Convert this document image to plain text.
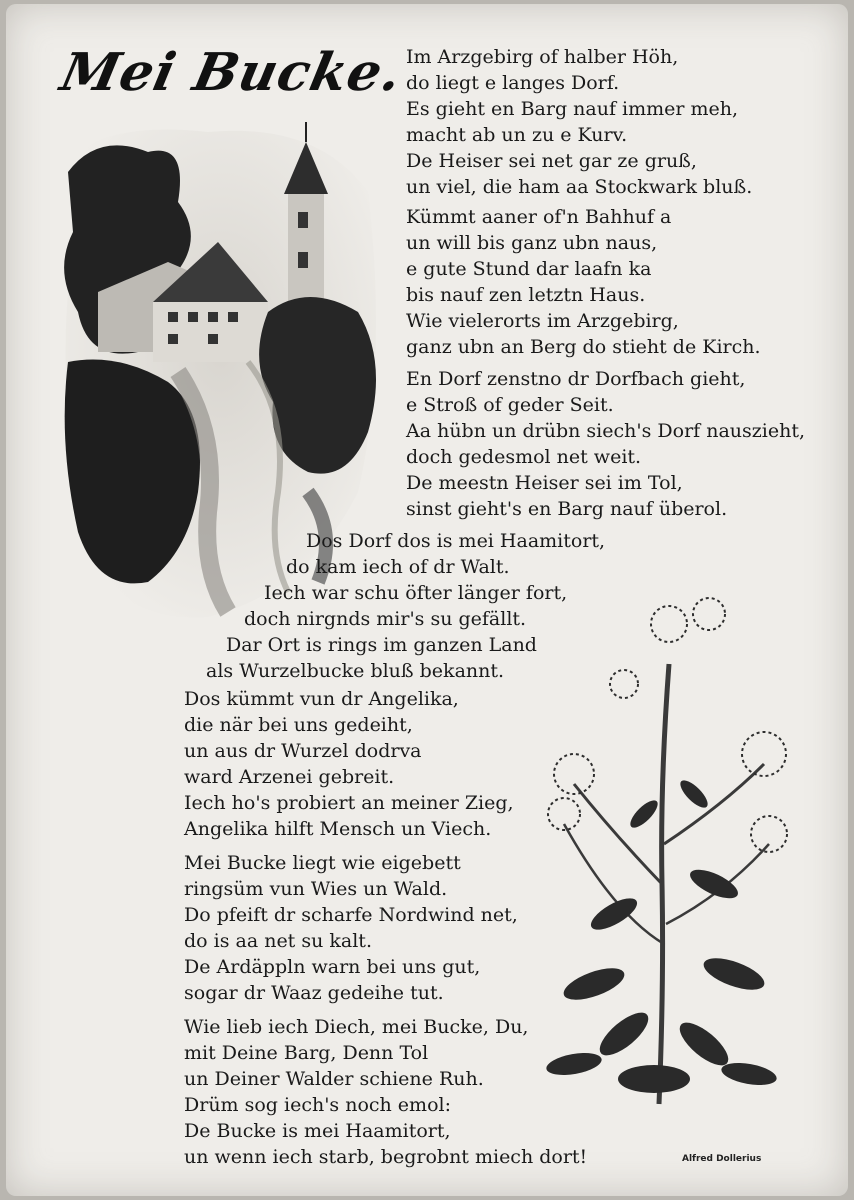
Mei Bucke.
Im Arzgebirg of halber Höh,
do liegt e langes Dorf.
Es gieht en Barg nauf immer meh,
macht ab un zu e Kurv.
De Heiser sei net gar ze gruß,
un viel, die ham aa Stockwark bluß.
Kümmt aaner of'n Bahhuf a
un will bis ganz ubn naus,
e gute Stund dar laafn ka
bis nauf zen letztn Haus.
Wie vielerorts im Arzgebirg,
ganz ubn an Berg do stieht de Kirch.
En Dorf zenstno dr Dorfbach gieht,
e Stroß of geder Seit.
Aa hübn un drübn siech's Dorf nauszieht,
doch gedesmol net weit.
De meestn Heiser sei im Tol,
sinst gieht's en Barg nauf überol.
Dos Dorf dos is mei Haamitort,
do kam iech of dr Walt.
Iech war schu öfter länger fort,
doch nirgnds mir's su gefällt.
Dar Ort is rings im ganzen Land
als Wurzelbucke bluß bekannt.
Dos kümmt vun dr Angelika,
die när bei uns gedeiht,
un aus dr Wurzel dodrva
ward Arzenei gebreit.
Iech ho's probiert an meiner Zieg,
Angelika hilft Mensch un Viech.
Mei Bucke liegt wie eigebett
ringsüm vun Wies un Wald.
Do pfeift dr scharfe Nordwind net,
do is aa net su kalt.
De Ardäppln warn bei uns gut,
sogar dr Waaz gedeihe tut.
Wie lieb iech Diech, mei Bucke, Du,
mit Deine Barg, Denn Tol
un Deiner Walder schiene Ruh.
Drüm sog iech's noch emol:
De Bucke is mei Haamitort,
un wenn iech starb, begrobnt miech dort!	Alfred Dollerius
